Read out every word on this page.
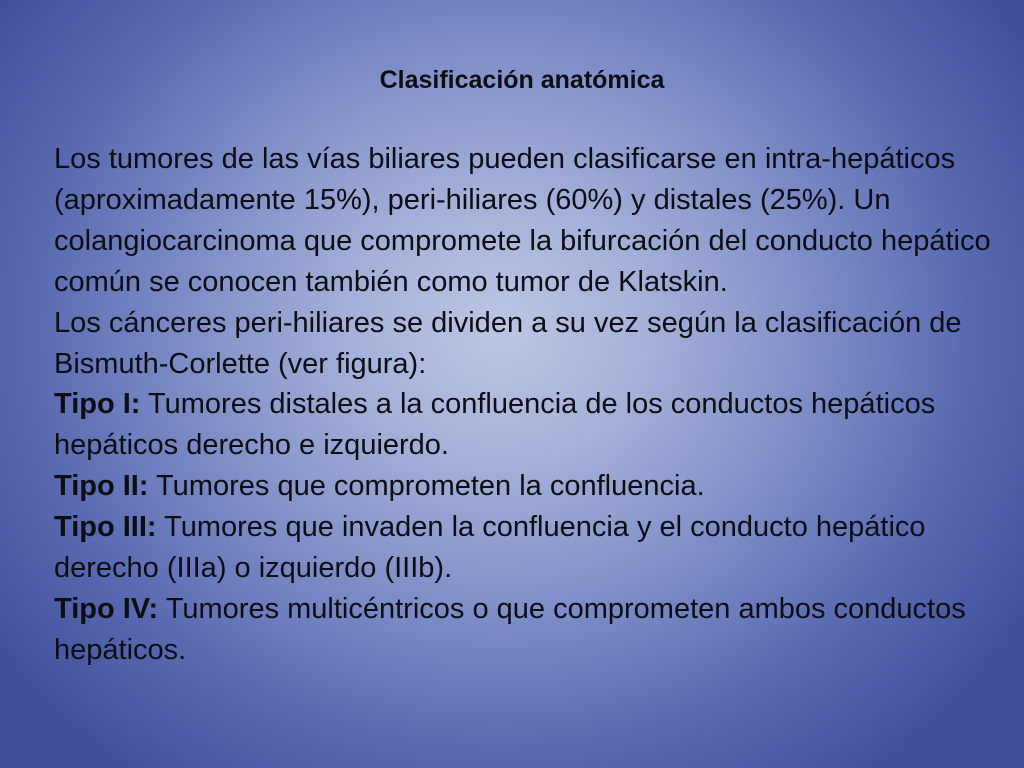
Clasificación anatómica

Los tumores de las vías biliares pueden clasificarse en intra-hepáticos (aproximadamente 15%), peri-hiliares (60%) y distales (25%). Un colangiocarcinoma que compromete la bifurcación del conducto hepático común se conocen también como tumor de Klatskin.

Los cánceres peri-hiliares se dividen a su vez según la clasificación de Bismuth-Corlette (ver figura):

Tipo I: Tumores distales a la confluencia de los conductos hepáticos hepáticos derecho e izquierdo.

Tipo II: Tumores que comprometen la confluencia.

Tipo III: Tumores que invaden la confluencia y el conducto hepático derecho (IIIa) o izquierdo (IIIb).

Tipo IV: Tumores multicéntricos o que comprometen ambos conductos hepáticos.
